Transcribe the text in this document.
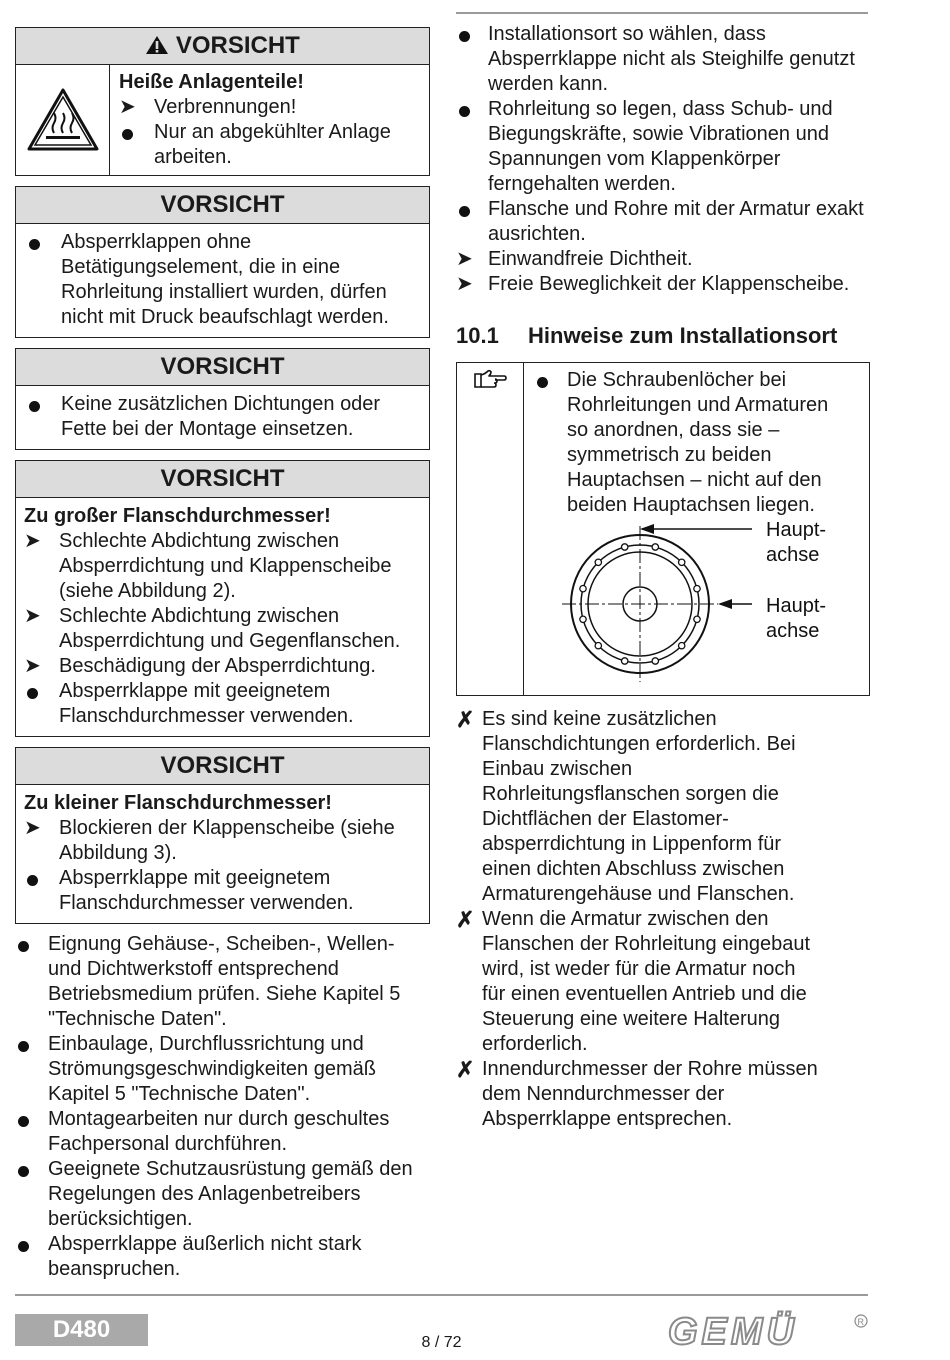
VORSICHT
Heiße Anlagenteile!
➤ Verbrennungen!
Nur an abgekühlter Anlage arbeiten.
VORSICHT
Absperrklappen ohne Betätigungselement, die in eine Rohrleitung installiert wurden, dürfen nicht mit Druck beaufschlagt werden.
VORSICHT
Keine zusätzlichen Dichtungen oder Fette bei der Montage einsetzen.
VORSICHT
Zu großer Flanschdurchmesser!
➤ Schlechte Abdichtung zwischen Absperrdichtung und Klappenscheibe (siehe Abbildung 2).
➤ Schlechte Abdichtung zwischen Absperrdichtung und Gegenflanschen.
➤ Beschädigung der Absperrdichtung.
Absperrklappe mit geeignetem Flanschdurchmesser verwenden.
VORSICHT
Zu kleiner Flanschdurchmesser!
➤ Blockieren der Klappenscheibe (siehe Abbildung 3).
Absperrklappe mit geeignetem Flanschdurchmesser verwenden.
Eignung Gehäuse-, Scheiben-, Wellen- und Dichtwerkstoff entsprechend Betriebsmedium prüfen. Siehe Kapitel 5 "Technische Daten".
Einbaulage, Durchflussrichtung und Strömungsgeschwindigkeiten gemäß Kapitel 5 "Technische Daten".
Montagearbeiten nur durch geschultes Fachpersonal durchführen.
Geeignete Schutzausrüstung gemäß den Regelungen des Anlagenbetreibers berücksichtigen.
Absperrklappe äußerlich nicht stark beanspruchen.
Installationsort so wählen, dass Absperrklappe nicht als Steighilfe genutzt werden kann.
Rohrleitung so legen, dass Schub- und Biegungskräfte, sowie Vibrationen und Spannungen vom Klappenkörper ferngehalten werden.
Flansche und Rohre mit der Armatur exakt ausrichten.
➤ Einwandfreie Dichtheit.
➤ Freie Beweglichkeit der Klappenscheibe.
10.1	Hinweise zum Installationsort
Die Schraubenlöcher bei Rohrleitungen und Armaturen so anordnen, dass sie – symmetrisch zu beiden Hauptachsen – nicht auf den beiden Hauptachsen liegen.
Haupt-
achse
Haupt-
achse
✗ Es sind keine zusätzlichen Flanschdichtungen erforderlich. Bei Einbau zwischen Rohrleitungsflanschen sorgen die Dichtflächen der Elastomer-absperrdichtung in Lippenform für einen dichten Abschluss zwischen Armaturengehäuse und Flanschen.
✗ Wenn die Armatur zwischen den Flanschen der Rohrleitung eingebaut wird, ist weder für die Armatur noch für einen eventuellen Antrieb und die Steuerung eine weitere Halterung erforderlich.
✗ Innendurchmesser der Rohre müssen dem Nenndurchmesser der Absperrklappe entsprechen.
D480	8 / 72	GEMÜ	R
